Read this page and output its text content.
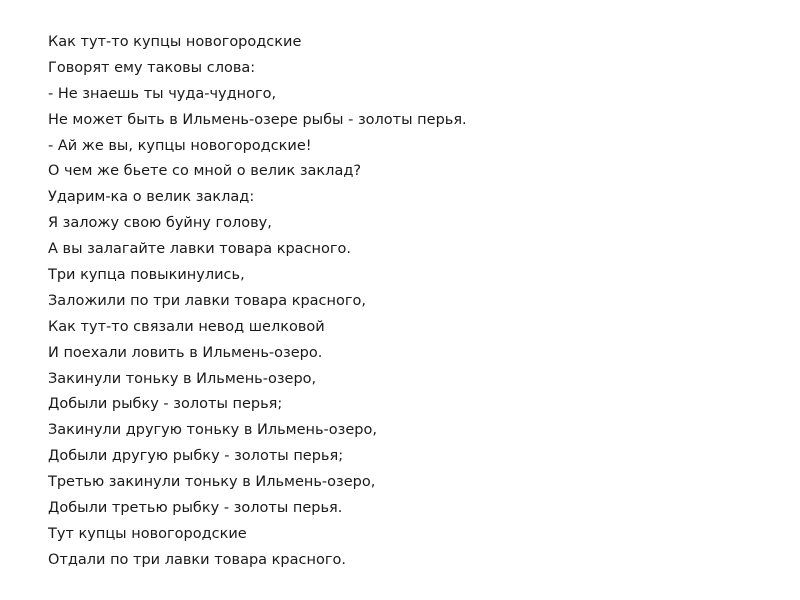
Как тут-то купцы новогородские
Говорят ему таковы слова:
- Не знаешь ты чуда-чудного,
Не может быть в Ильмень-озере рыбы - золоты перья.
- Ай же вы, купцы новогородские!
О чем же бьете со мной о велик заклад?
Ударим-ка о велик заклад:
Я заложу свою буйну голову,
А вы залагайте лавки товара красного.
Три купца повыкинулись,
Заложили по три лавки товара красного,
Как тут-то связали невод шелковой
И поехали ловить в Ильмень-озеро.
Закинули тоньку в Ильмень-озеро,
Добыли рыбку - золоты перья;
Закинули другую тоньку в Ильмень-озеро,
Добыли другую рыбку - золоты перья;
Третью закинули тоньку в Ильмень-озеро,
Добыли третью рыбку - золоты перья.
Тут купцы новогородские
Отдали по три лавки товара красного.
